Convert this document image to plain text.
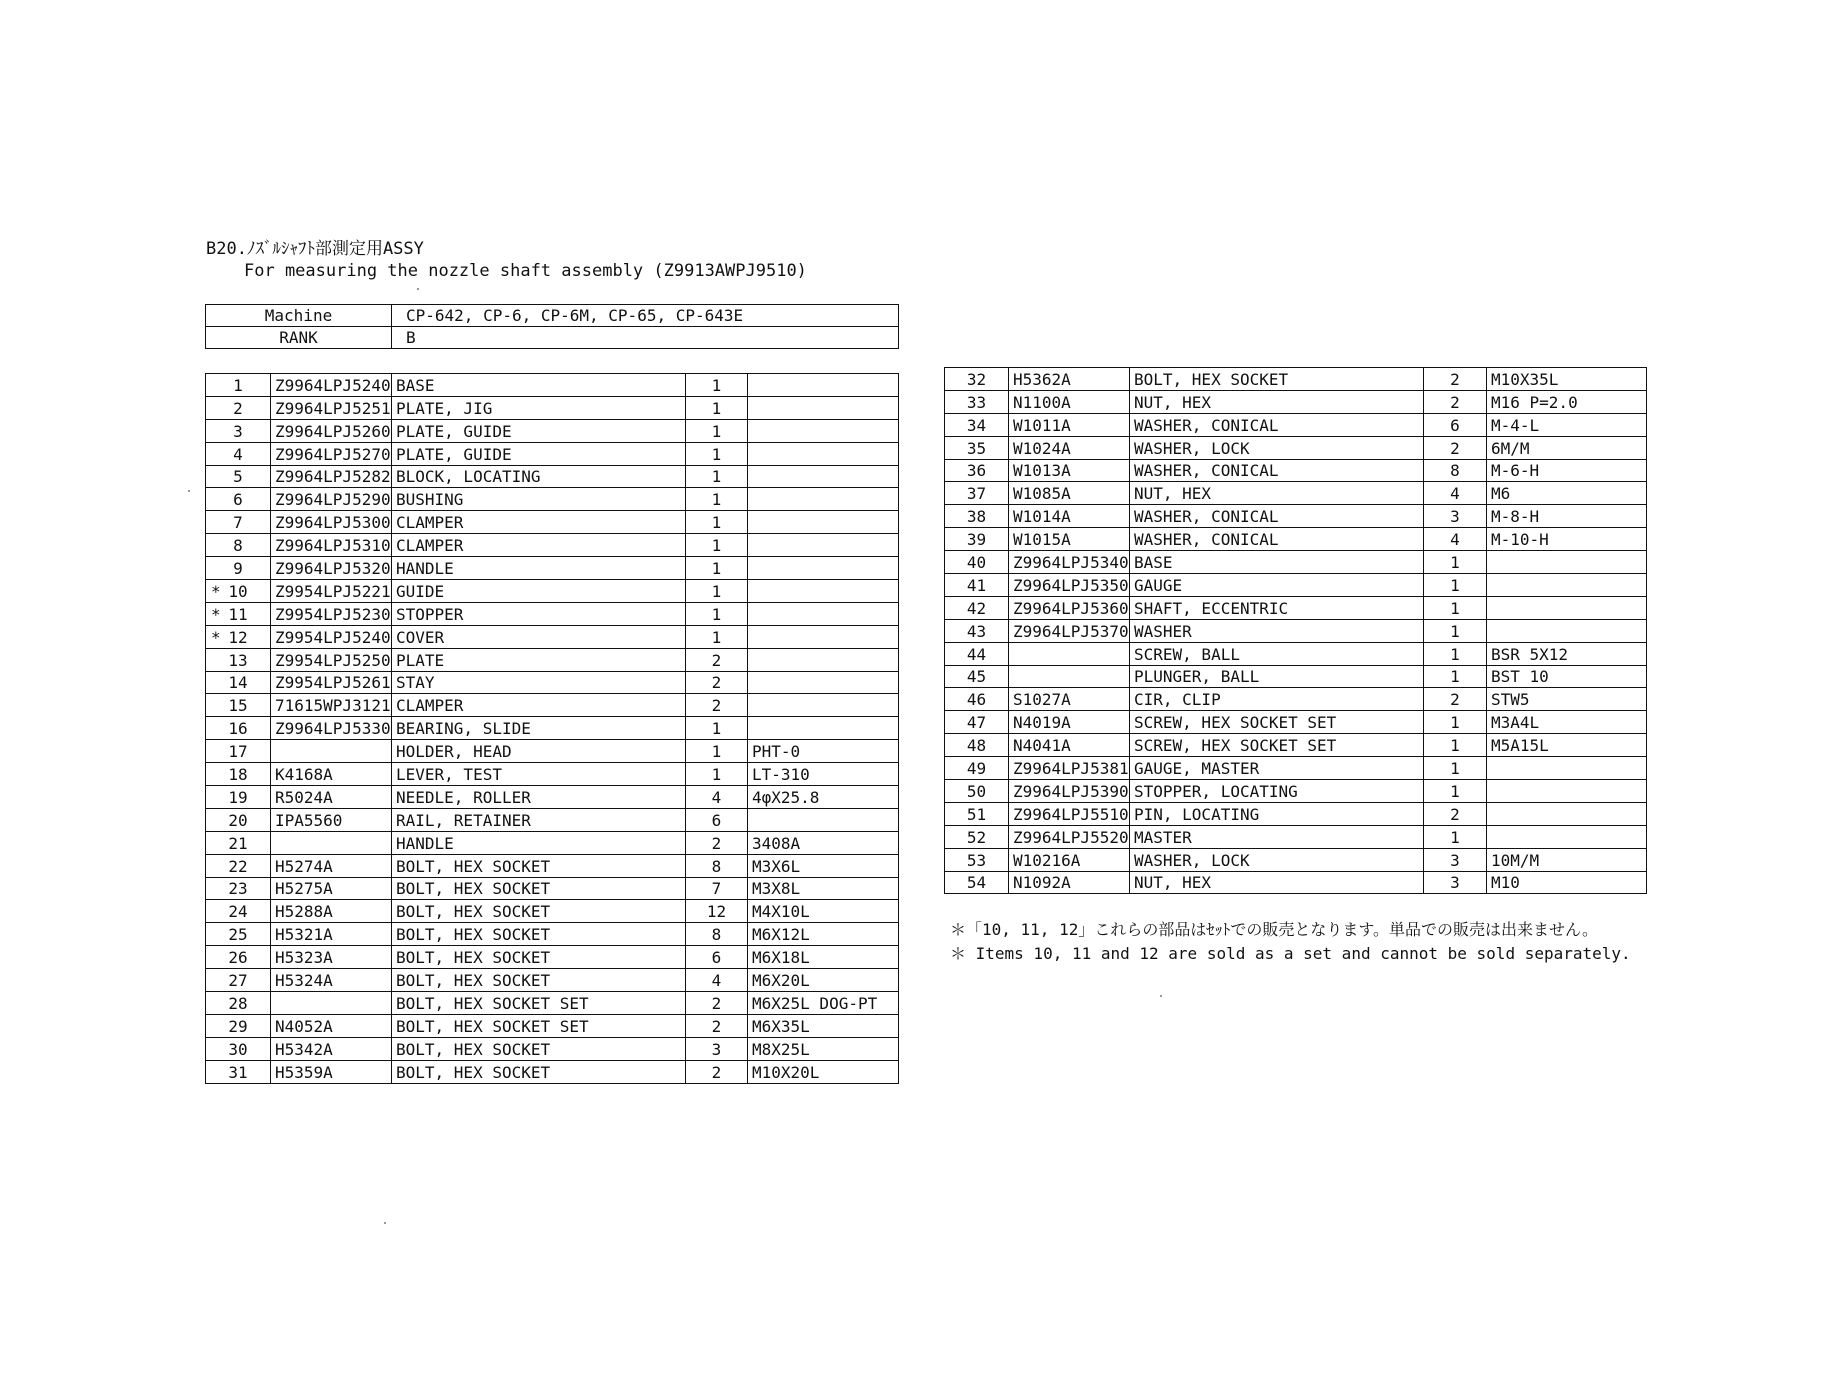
B20.ﾉｽﾞﾙｼｬﾌﾄ部測定用ASSY
For measuring the nozzle shaft assembly (Z9913AWPJ9510)
Machine	CP-642, CP-6, CP-6M, CP-65, CP-643E
RANK	B
1	Z9964LPJ5240	BASE	1	

2	Z9964LPJ5251	PLATE, JIG	1	

3	Z9964LPJ5260	PLATE, GUIDE	1	

4	Z9964LPJ5270	PLATE, GUIDE	1	

5	Z9964LPJ5282	BLOCK, LOCATING	1	

6	Z9964LPJ5290	BUSHING	1	

7	Z9964LPJ5300	CLAMPER	1	

8	Z9964LPJ5310	CLAMPER	1	

9	Z9964LPJ5320	HANDLE	1	

* 10	Z9954LPJ5221	GUIDE	1	

* 11	Z9954LPJ5230	STOPPER	1	

* 12	Z9954LPJ5240	COVER	1	

13	Z9954LPJ5250	PLATE	2	

14	Z9954LPJ5261	STAY	2	

15	71615WPJ3121	CLAMPER	2	

16	Z9964LPJ5330	BEARING, SLIDE	1	

17		HOLDER, HEAD	1	PHT-0

18	K4168A	LEVER, TEST	1	LT-310

19	R5024A	NEEDLE, ROLLER	4	4φX25.8

20	IPA5560	RAIL, RETAINER	6	

21		HANDLE	2	3408A

22	H5274A	BOLT, HEX SOCKET	8	M3X6L

23	H5275A	BOLT, HEX SOCKET	7	M3X8L

24	H5288A	BOLT, HEX SOCKET	12	M4X10L

25	H5321A	BOLT, HEX SOCKET	8	M6X12L

26	H5323A	BOLT, HEX SOCKET	6	M6X18L

27	H5324A	BOLT, HEX SOCKET	4	M6X20L

28		BOLT, HEX SOCKET SET	2	M6X25L DOG-PT

29	N4052A	BOLT, HEX SOCKET SET	2	M6X35L

30	H5342A	BOLT, HEX SOCKET	3	M8X25L

31	H5359A	BOLT, HEX SOCKET	2	M10X20L
32	H5362A	BOLT, HEX SOCKET	2	M10X35L
33	N1100A	NUT, HEX	2	M16 P=2.0
34	W1011A	WASHER, CONICAL	6	M-4-L
35	W1024A	WASHER, LOCK	2	6M/M
36	W1013A	WASHER, CONICAL	8	M-6-H
37	W1085A	NUT, HEX	4	M6
38	W1014A	WASHER, CONICAL	3	M-8-H
39	W1015A	WASHER, CONICAL	4	M-10-H
40	Z9964LPJ5340	BASE	1	
41	Z9964LPJ5350	GAUGE	1	
42	Z9964LPJ5360	SHAFT, ECCENTRIC	1	
43	Z9964LPJ5370	WASHER	1	
44		SCREW, BALL	1	BSR 5X12
45		PLUNGER, BALL	1	BST 10
46	S1027A	CIR, CLIP	2	STW5
47	N4019A	SCREW, HEX SOCKET SET	1	M3A4L
48	N4041A	SCREW, HEX SOCKET SET	1	M5A15L
49	Z9964LPJ5381	GAUGE, MASTER	1	
50	Z9964LPJ5390	STOPPER, LOCATING	1	
51	Z9964LPJ5510	PIN, LOCATING	2	
52	Z9964LPJ5520	MASTER	1	
53	W10216A	WASHER, LOCK	3	10M/M
54	N1092A	NUT, HEX	3	M10
＊「10, 11, 12」これらの部品はｾｯﾄでの販売となります。単品での販売は出来ません。
＊ Items 10, 11 and 12 are sold as a set and cannot be sold separately.
